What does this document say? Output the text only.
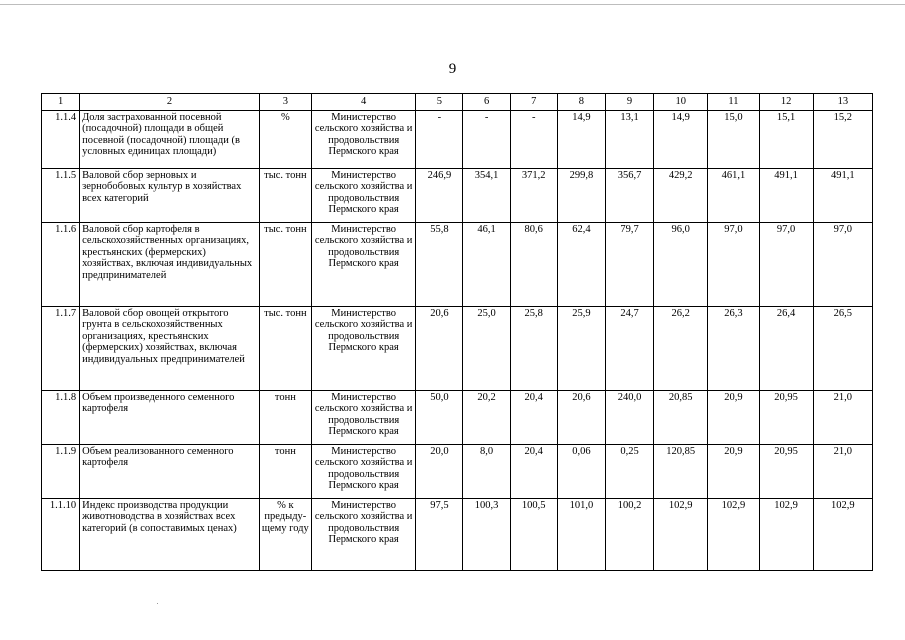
9
1	2	3	4	5	6	7	8	9	10	11	12	13
1.1.4	Доля застрахованной посевной (посадочной) площади в общей посевной (посадочной) площади (в условных единицах площади)	%	Министерство сельского хозяйства и продовольствия Пермского края	-	-	-	14,9	13,1	14,9	15,0	15,1	15,2
1.1.5	Валовой сбор зерновых и зернобобовых культур в хозяйствах всех категорий	тыс. тонн	Министерство сельского хозяйства и продовольствия Пермского края	246,9	354,1	371,2	299,8	356,7	429,2	461,1	491,1	491,1
1.1.6	Валовой сбор картофеля в сельскохозяйственных организациях, крестьянских (фермерских) хозяйствах, включая индивидуальных предпринимателей	тыс. тонн	Министерство сельского хозяйства и продовольствия Пермского края	55,8	46,1	80,6	62,4	79,7	96,0	97,0	97,0	97,0
1.1.7	Валовой сбор овощей открытого грунта в сельскохозяйственных организациях, крестьянских (фермерских) хозяйствах, включая индивидуальных предпринимателей	тыс. тонн	Министерство сельского хозяйства и продовольствия Пермского края	20,6	25,0	25,8	25,9	24,7	26,2	26,3	26,4	26,5
1.1.8	Объем произведенного семенного картофеля	тонн	Министерство сельского хозяйства и продовольствия Пермского края	50,0	20,2	20,4	20,6	240,0	20,85	20,9	20,95	21,0
1.1.9	Объем реализованного семенного картофеля	тонн	Министерство сельского хозяйства и продовольствия Пермского края	20,0	8,0	20,4	0,06	0,25	120,85	20,9	20,95	21,0
1.1.10	Индекс производства продукции животноводства в хозяйствах всех категорий (в сопоставимых ценах)	% к предыду-щему году	Министерство сельского хозяйства и продовольствия Пермского края	97,5	100,3	100,5	101,0	100,2	102,9	102,9	102,9	102,9
